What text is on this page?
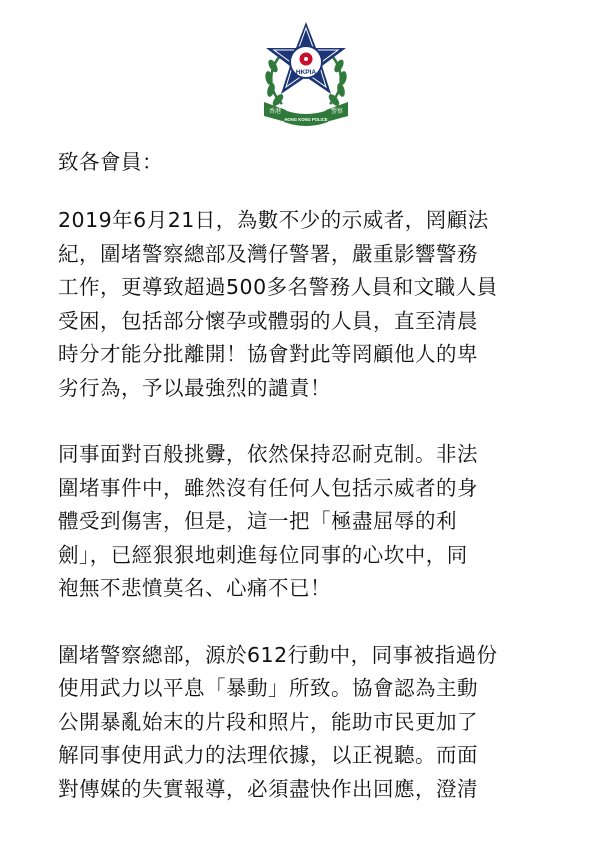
HKPIA
香港
HONG KONG POLICE
警察
致各會員：
2019年6月21日，為數不少的示威者，罔顧法
紀，圍堵警察總部及灣仔警署，嚴重影響警務
工作，更導致超過500多名警務人員和文職人員
受困，包括部分懷孕或體弱的人員，直至清晨
時分才能分批離開！協會對此等罔顧他人的卑
劣行為，予以最強烈的譴責！
同事面對百般挑釁，依然保持忍耐克制。非法
圍堵事件中，雖然沒有任何人包括示威者的身
體受到傷害，但是，這一把「極盡屈辱的利
劍」，已經狠狠地刺進每位同事的心坎中，同
袍無不悲憤莫名、心痛不已！
圍堵警察總部，源於612行動中，同事被指過份
使用武力以平息「暴動」所致。協會認為主動
公開暴亂始末的片段和照片，能助市民更加了
解同事使用武力的法理依據，以正視聽。而面
對傳媒的失實報導，必須盡快作出回應，澄清
